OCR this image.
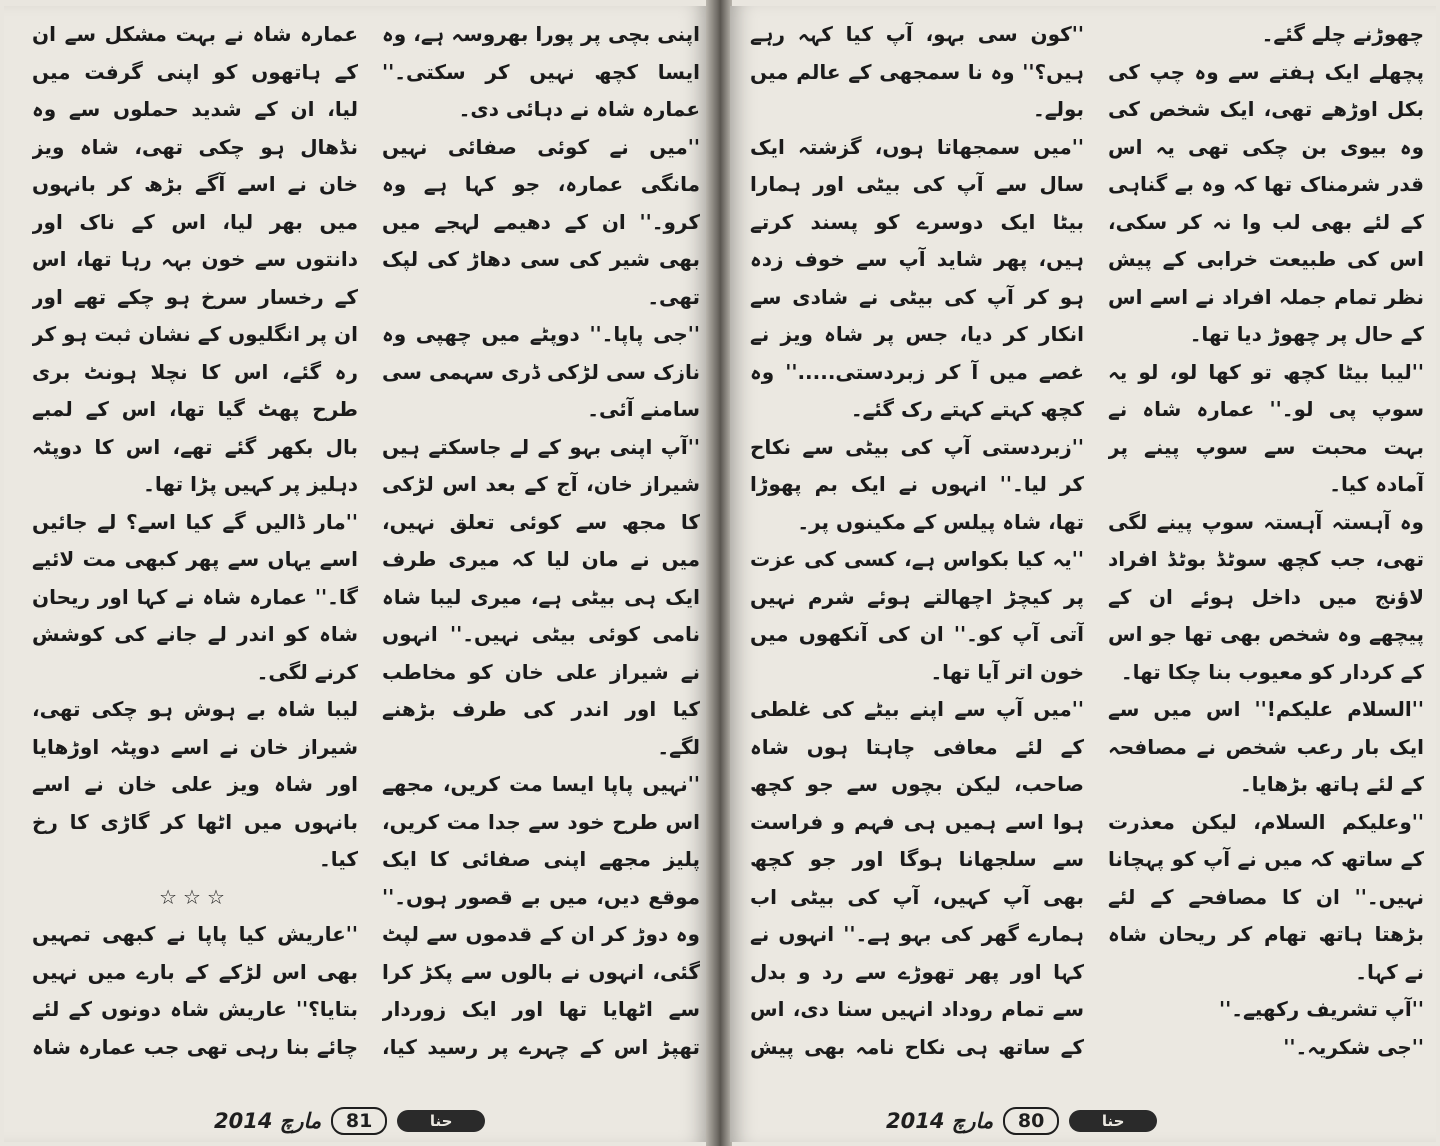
اپنی بچی پر پورا بھروسہ ہے، وہ ایسا کچھ نہیں کر سکتی۔'' عمارہ شاہ نے دہائی دی۔

''میں نے کوئی صفائی نہیں مانگی عمارہ، جو کہا ہے وہ کرو۔'' ان کے دھیمے لہجے میں بھی شیر کی سی دھاڑ کی لپک تھی۔

''جی پاپا۔'' دوپٹے میں چھپی وہ نازک سی لڑکی ڈری سہمی سی سامنے آئی۔

''آپ اپنی بہو کے لے جاسکتے ہیں شیراز خان، آج کے بعد اس لڑکی کا مجھ سے کوئی تعلق نہیں، میں نے مان لیا کہ میری طرف ایک ہی بیٹی ہے، میری لیبا شاہ نامی کوئی بیٹی نہیں۔'' انہوں نے شیراز علی خان کو مخاطب کیا اور اندر کی طرف بڑھنے لگے۔

''نہیں پاپا ایسا مت کریں، مجھے اس طرح خود سے جدا مت کریں، پلیز مجھے اپنی صفائی کا ایک موقع دیں، میں بے قصور ہوں۔'' وہ دوڑ کر ان کے قدموں سے لپٹ گئی، انہوں نے بالوں سے پکڑ کرا سے اٹھایا تھا اور ایک زوردار تھپڑ اس کے چہرے پر رسید کیا،

عمارہ شاہ نے بہت مشکل سے ان کے ہاتھوں کو اپنی گرفت میں لیا، ان کے شدید حملوں سے وہ نڈھال ہو چکی تھی، شاہ ویز خان نے اسے آگے بڑھ کر بانہوں میں بھر لیا، اس کے ناک اور دانتوں سے خون بہہ رہا تھا، اس کے رخسار سرخ ہو چکے تھے اور ان پر انگلیوں کے نشان ثبت ہو کر رہ گئے، اس کا نچلا ہونٹ بری طرح پھٹ گیا تھا، اس کے لمبے بال بکھر گئے تھے، اس کا دوپٹہ دہلیز پر کہیں پڑا تھا۔

''مار ڈالیں گے کیا اسے؟ لے جائیں اسے یہاں سے پھر کبھی مت لائیے گا۔'' عمارہ شاہ نے کہا اور ریحان شاہ کو اندر لے جانے کی کوشش کرنے لگی۔

لیبا شاہ بے ہوش ہو چکی تھی، شیراز خان نے اسے دوپٹہ اوڑھایا اور شاہ ویز علی خان نے اسے بانہوں میں اٹھا کر گاڑی کا رخ کیا۔

☆☆☆

''عاریش کیا پاپا نے کبھی تمہیں بھی اس لڑکے کے بارے میں نہیں بتایا؟'' عاریش شاہ دونوں کے لئے چائے بنا رہی تھی جب عمارہ شاہ

مارچ 2014	81	حنا

چھوڑنے چلے گئے۔

پچھلے ایک ہفتے سے وہ چپ کی بکل اوڑھے تھی، ایک شخص کی وہ بیوی بن چکی تھی یہ اس قدر شرمناک تھا کہ وہ بے گناہی کے لئے بھی لب وا نہ کر سکی، اس کی طبیعت خرابی کے پیش نظر تمام جملہ افراد نے اسے اس کے حال پر چھوڑ دیا تھا۔

''لیبا بیٹا کچھ تو کھا لو، لو یہ سوپ پی لو۔'' عمارہ شاہ نے بہت محبت سے سوپ پینے پر آمادہ کیا۔

وہ آہستہ آہستہ سوپ پینے لگی تھی، جب کچھ سوٹڈ بوٹڈ افراد لاؤنج میں داخل ہوئے ان کے پیچھے وہ شخص بھی تھا جو اس کے کردار کو معیوب بنا چکا تھا۔

''السلام علیکم!'' اس میں سے ایک بار رعب شخص نے مصافحہ کے لئے ہاتھ بڑھایا۔

''وعلیکم السلام، لیکن معذرت کے ساتھ کہ میں نے آپ کو پہچانا نہیں۔'' ان کا مصافحے کے لئے بڑھتا ہاتھ تھام کر ریحان شاہ نے کہا۔

''آپ تشریف رکھیے۔''

''جی شکریہ۔''

''کون سی بہو، آپ کیا کہہ رہے ہیں؟'' وہ نا سمجھی کے عالم میں بولے۔

''میں سمجھاتا ہوں، گزشتہ ایک سال سے آپ کی بیٹی اور ہمارا بیٹا ایک دوسرے کو پسند کرتے ہیں، پھر شاید آپ سے خوف زدہ ہو کر آپ کی بیٹی نے شادی سے انکار کر دیا، جس پر شاہ ویز نے غصے میں آ کر زبردستی.....'' وہ کچھ کہتے کہتے رک گئے۔

''زبردستی آپ کی بیٹی سے نکاح کر لیا۔'' انہوں نے ایک بم پھوڑا تھا، شاہ پیلس کے مکینوں پر۔

''یہ کیا بکواس ہے، کسی کی عزت پر کیچڑ اچھالتے ہوئے شرم نہیں آتی آپ کو۔'' ان کی آنکھوں میں خون اتر آیا تھا۔

''میں آپ سے اپنے بیٹے کی غلطی کے لئے معافی چاہتا ہوں شاہ صاحب، لیکن بچوں سے جو کچھ ہوا اسے ہمیں ہی فہم و فراست سے سلجھانا ہوگا اور جو کچھ بھی آپ کہیں، آپ کی بیٹی اب ہمارے گھر کی بہو ہے۔'' انہوں نے کہا اور پھر تھوڑے سے رد و بدل سے تمام روداد انہیں سنا دی، اس کے ساتھ ہی نکاح نامہ بھی پیش

مارچ 2014	80	حنا
